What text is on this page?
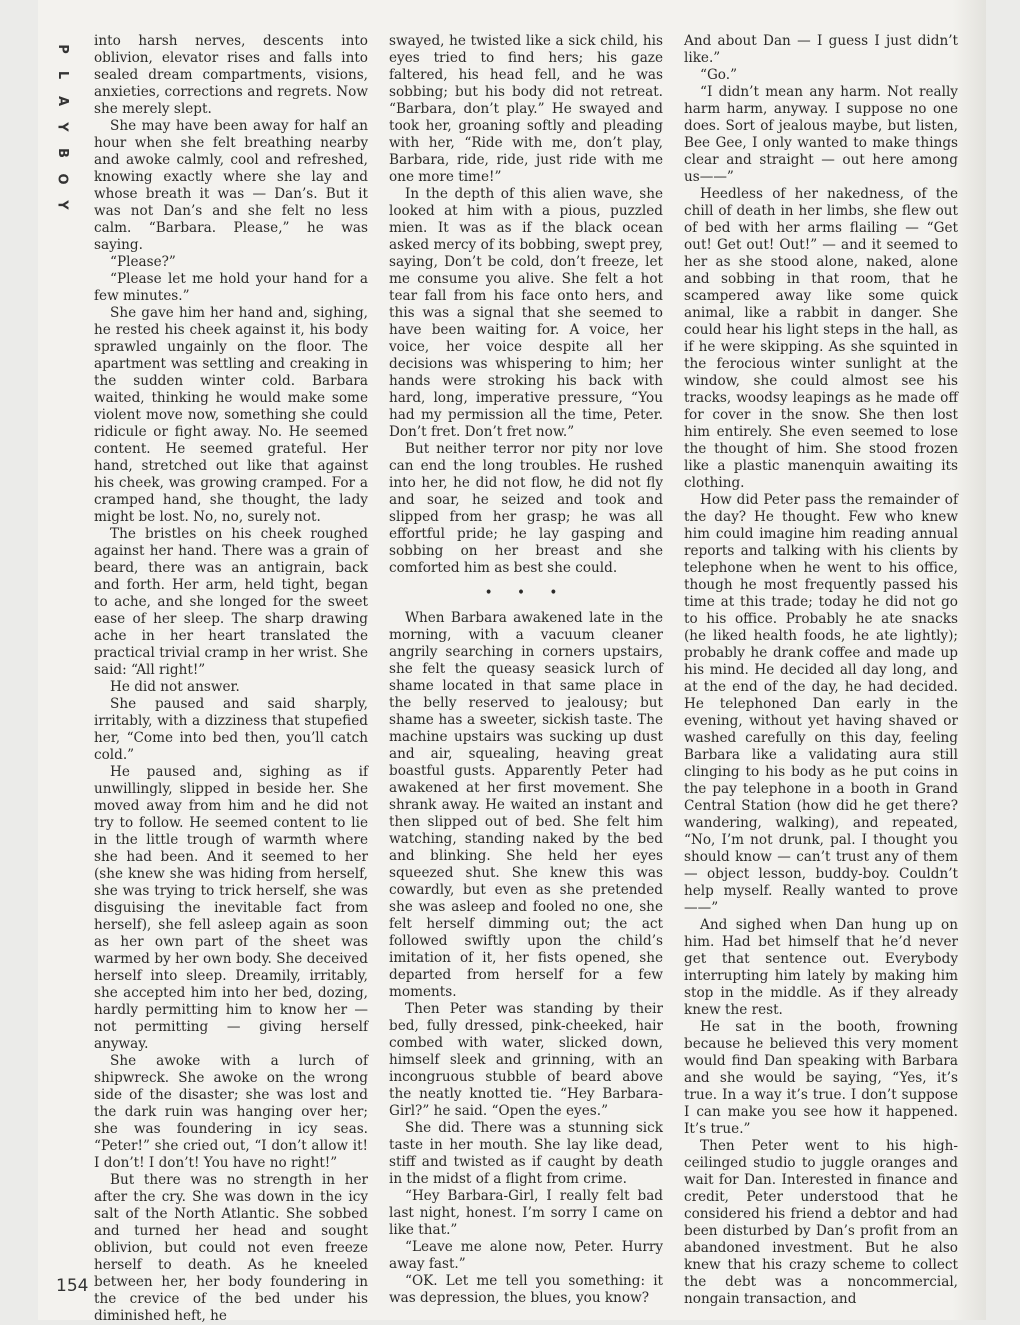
P
L
A
Y
B
O
Y

into harsh nerves, descents into oblivion, elevator rises and falls into sealed dream compartments, visions, anxieties, corrections and regrets. Now she merely slept.

She may have been away for half an hour when she felt breathing nearby and awoke calmly, cool and refreshed, knowing exactly where she lay and whose breath it was — Dan’s. But it was not Dan’s and she felt no less calm. “Barbara. Please,” he was saying.

“Please?”

“Please let me hold your hand for a few minutes.”

She gave him her hand and, sighing, he rested his cheek against it, his body sprawled ungainly on the floor. The apartment was settling and creaking in the sudden winter cold. Barbara waited, thinking he would make some violent move now, something she could ridicule or fight away. No. He seemed content. He seemed grateful. Her hand, stretched out like that against his cheek, was growing cramped. For a cramped hand, she thought, the lady might be lost. No, no, surely not.

The bristles on his cheek roughed against her hand. There was a grain of beard, there was an antigrain, back and forth. Her arm, held tight, began to ache, and she longed for the sweet ease of her sleep. The sharp drawing ache in her heart translated the practical trivial cramp in her wrist. She said: “All right!”

He did not answer.

She paused and said sharply, irritably, with a dizziness that stupefied her, “Come into bed then, you’ll catch cold.”

He paused and, sighing as if unwillingly, slipped in beside her. She moved away from him and he did not try to follow. He seemed content to lie in the little trough of warmth where she had been. And it seemed to her (she knew she was hiding from herself, she was trying to trick herself, she was disguising the inevitable fact from herself), she fell asleep again as soon as her own part of the sheet was warmed by her own body. She deceived herself into sleep. Dreamily, irritably, she accepted him into her bed, dozing, hardly permitting him to know her — not permitting — giving herself anyway.

She awoke with a lurch of shipwreck. She awoke on the wrong side of the disaster; she was lost and the dark ruin was hanging over her; she was foundering in icy seas. “Peter!” she cried out, “I don’t allow it! I don’t! I don’t! You have no right!”

But there was no strength in her after the cry. She was down in the icy salt of the North Atlantic. She sobbed and turned her head and sought oblivion, but could not even freeze herself to death. As he kneeled between her, her body foundering in the crevice of the bed under his diminished heft, he

swayed, he twisted like a sick child, his eyes tried to find hers; his gaze faltered, his head fell, and he was sobbing; but his body did not retreat. “Barbara, don’t play.” He swayed and took her, groaning softly and pleading with her, “Ride with me, don’t play, Barbara, ride, ride, just ride with me one more time!”

In the depth of this alien wave, she looked at him with a pious, puzzled mien. It was as if the black ocean asked mercy of its bobbing, swept prey, saying, Don’t be cold, don’t freeze, let me consume you alive. She felt a hot tear fall from his face onto hers, and this was a signal that she seemed to have been waiting for. A voice, her voice, her voice despite all her decisions was whispering to him; her hands were stroking his back with hard, long, imperative pressure, “You had my permission all the time, Peter. Don’t fret. Don’t fret now.”

But neither terror nor pity nor love can end the long troubles. He rushed into her, he did not flow, he did not fly and soar, he seized and took and slipped from her grasp; he was all effortful pride; he lay gasping and sobbing on her breast and she comforted him as best she could.

• • •

When Barbara awakened late in the morning, with a vacuum cleaner angrily searching in corners upstairs, she felt the queasy seasick lurch of shame located in that same place in the belly reserved to jealousy; but shame has a sweeter, sickish taste. The machine upstairs was sucking up dust and air, squealing, heaving great boastful gusts. Apparently Peter had awakened at her first movement. She shrank away. He waited an instant and then slipped out of bed. She felt him watching, standing naked by the bed and blinking. She held her eyes squeezed shut. She knew this was cowardly, but even as she pretended she was asleep and fooled no one, she felt herself dimming out; the act followed swiftly upon the child’s imitation of it, her fists opened, she departed from herself for a few moments.

Then Peter was standing by their bed, fully dressed, pink-cheeked, hair combed with water, slicked down, himself sleek and grinning, with an incongruous stubble of beard above the neatly knotted tie. “Hey Barbara-Girl?” he said. “Open the eyes.”

She did. There was a stunning sick taste in her mouth. She lay like dead, stiff and twisted as if caught by death in the midst of a flight from crime.

“Hey Barbara-Girl, I really felt bad last night, honest. I’m sorry I came on like that.”

“Leave me alone now, Peter. Hurry away fast.”

“OK. Let me tell you something: it was depression, the blues, you know?

And about Dan — I guess I just didn’t like.”

“Go.”

“I didn’t mean any harm. Not really harm harm, anyway. I suppose no one does. Sort of jealous maybe, but listen, Bee Gee, I only wanted to make things clear and straight — out here among us——”

Heedless of her nakedness, of the chill of death in her limbs, she flew out of bed with her arms flailing — “Get out! Get out! Out!” — and it seemed to her as she stood alone, naked, alone and sobbing in that room, that he scampered away like some quick animal, like a rabbit in danger. She could hear his light steps in the hall, as if he were skipping. As she squinted in the ferocious winter sunlight at the window, she could almost see his tracks, woodsy leapings as he made off for cover in the snow. She then lost him entirely. She even seemed to lose the thought of him. She stood frozen like a plastic manenquin awaiting its clothing.

How did Peter pass the remainder of the day? He thought. Few who knew him could imagine him reading annual reports and talking with his clients by telephone when he went to his office, though he most frequently passed his time at this trade; today he did not go to his office. Probably he ate snacks (he liked health foods, he ate lightly); probably he drank coffee and made up his mind. He decided all day long, and at the end of the day, he had decided. He telephoned Dan early in the evening, without yet having shaved or washed carefully on this day, feeling Barbara like a validating aura still clinging to his body as he put coins in the pay telephone in a booth in Grand Central Station (how did he get there? wandering, walking), and repeated, “No, I’m not drunk, pal. I thought you should know — can’t trust any of them — object lesson, buddy-boy. Couldn’t help myself. Really wanted to prove ——”

And sighed when Dan hung up on him. Had bet himself that he’d never get that sentence out. Everybody interrupting him lately by making him stop in the middle. As if they already knew the rest.

He sat in the booth, frowning because he believed this very moment would find Dan speaking with Barbara and she would be saying, “Yes, it’s true. In a way it’s true. I don’t suppose I can make you see how it happened. It’s true.”

Then Peter went to his high-ceilinged studio to juggle oranges and wait for Dan. Interested in finance and credit, Peter understood that he considered his friend a debtor and had been disturbed by Dan’s profit from an abandoned investment. But he also knew that his crazy scheme to collect the debt was a noncommercial, nongain transaction, and

154
